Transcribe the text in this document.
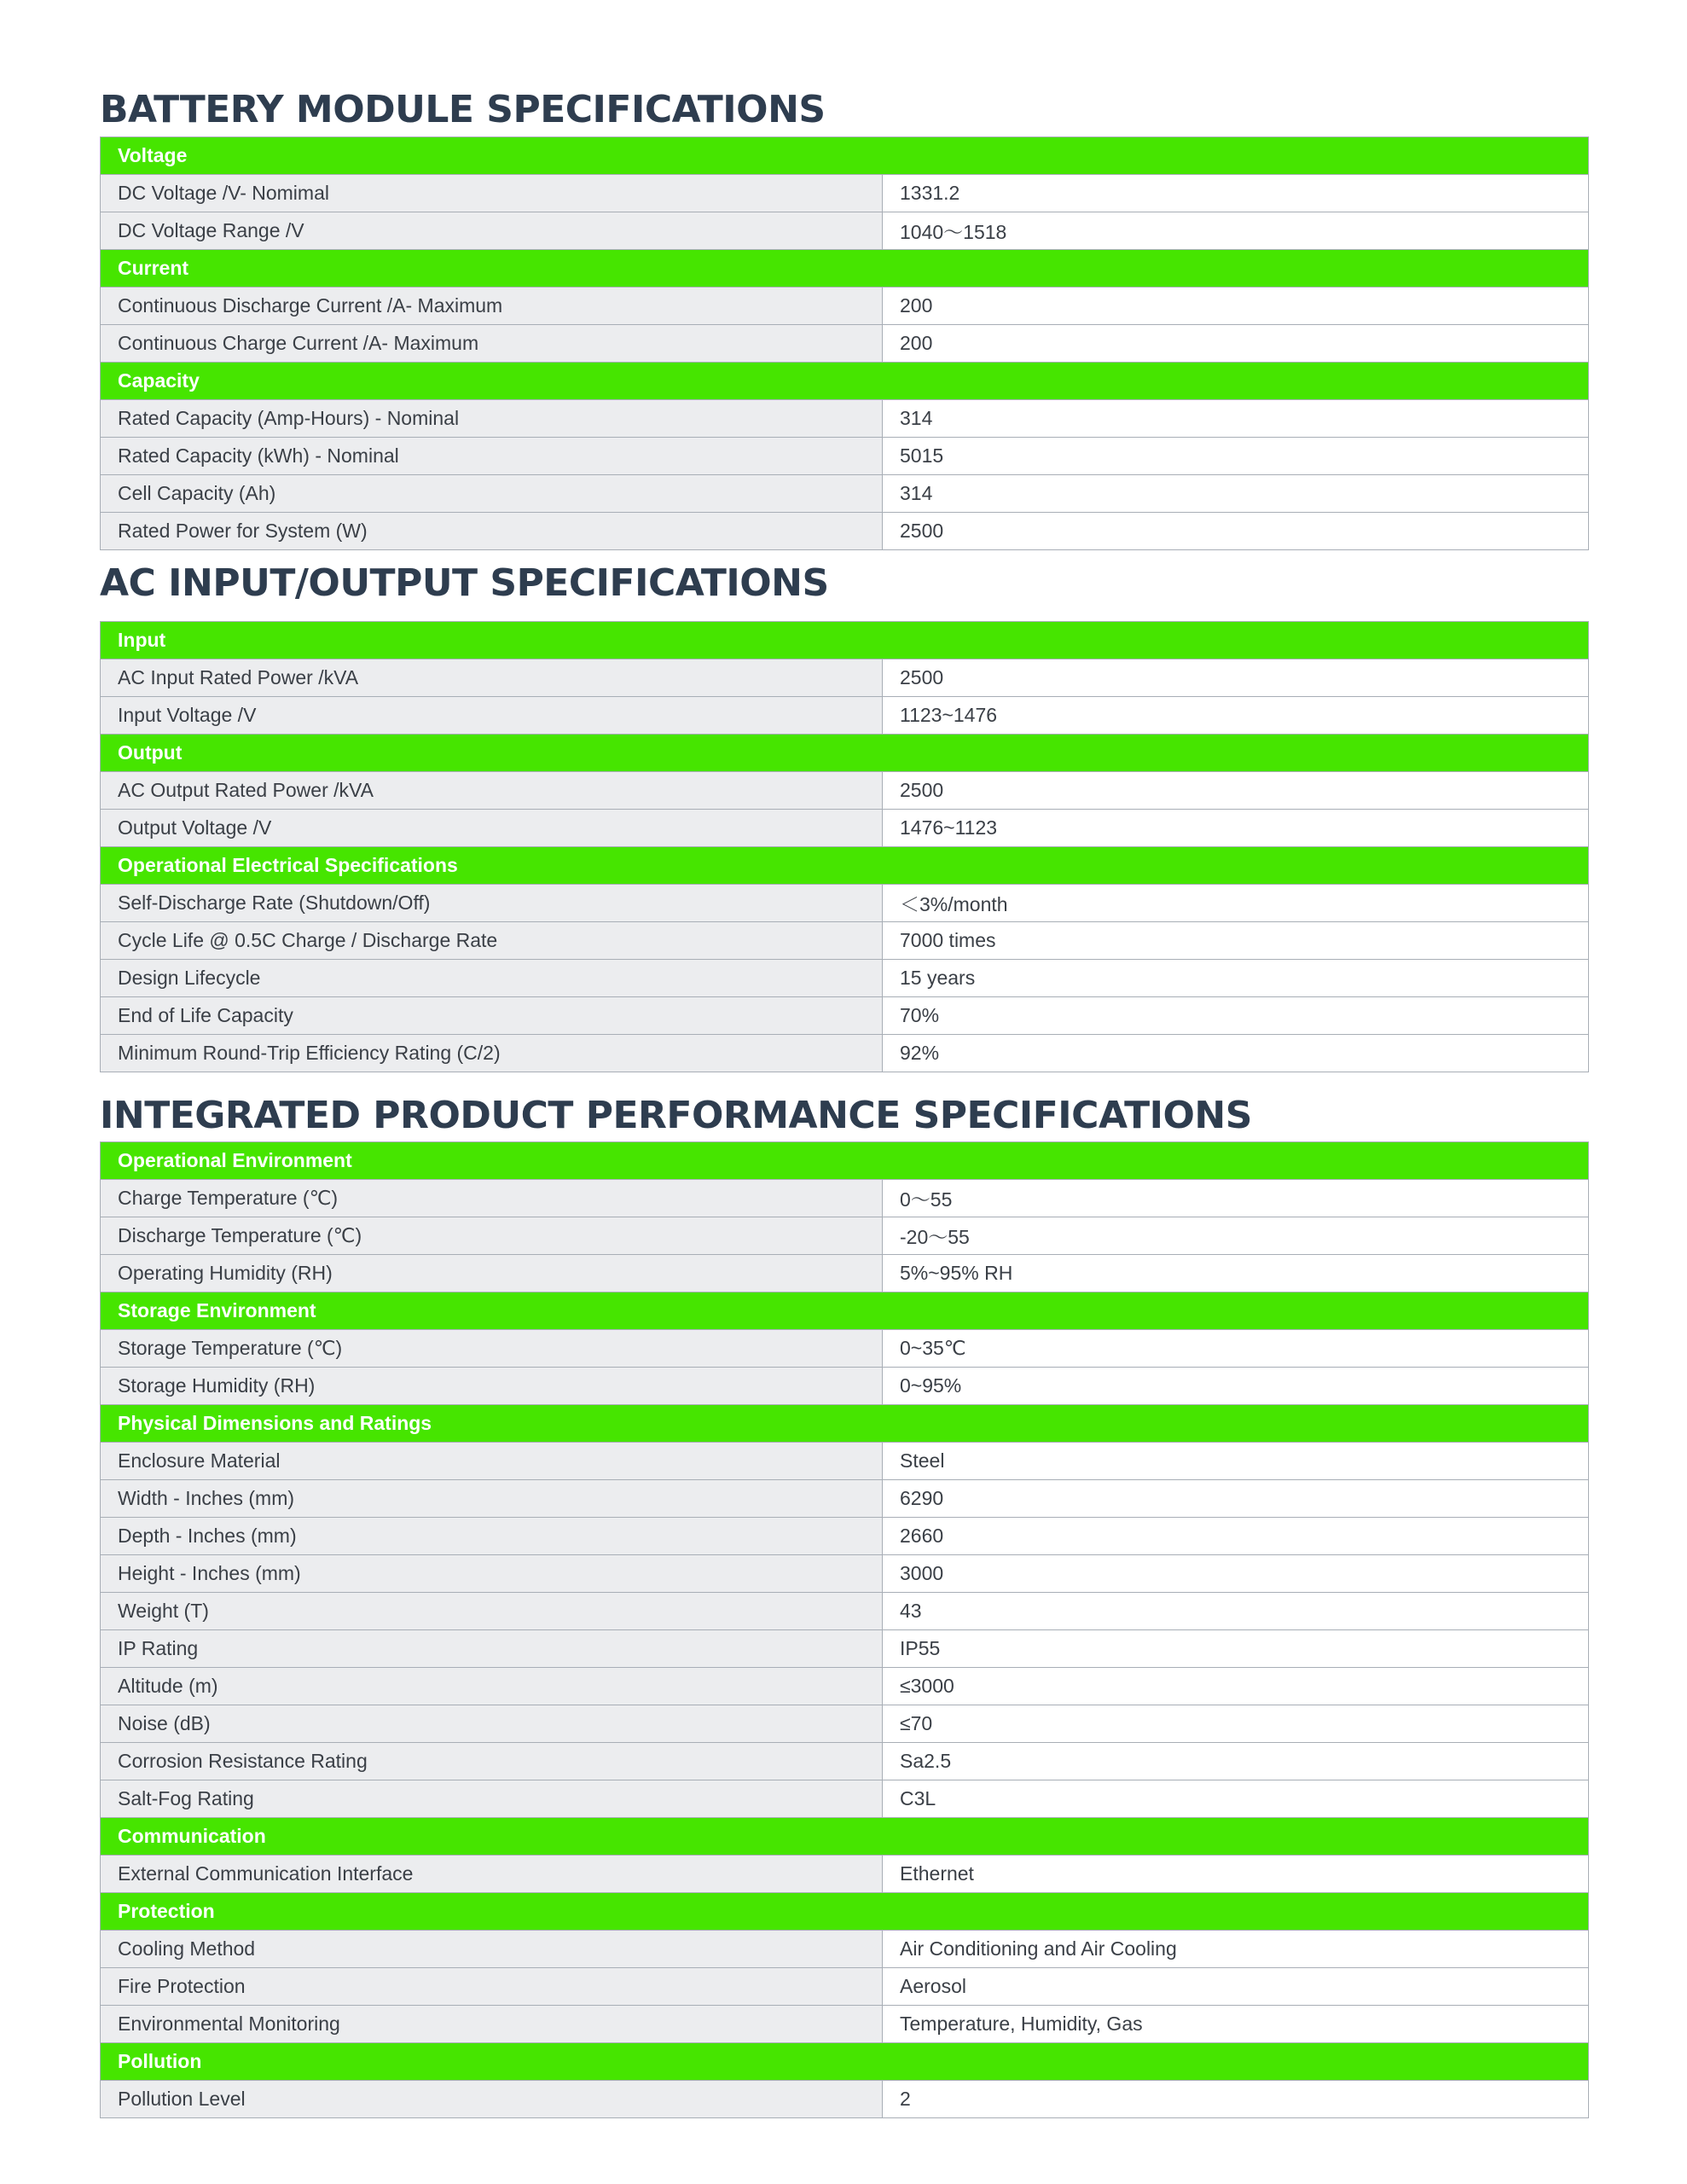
BATTERY MODULE SPECIFICATIONS
Voltage	
DC Voltage /V- Nomimal	1331.2
DC Voltage Range /V	1040～1518
Current	
Continuous Discharge Current /A- Maximum	200
Continuous Charge Current /A- Maximum	200
Capacity	
Rated Capacity (Amp-Hours) - Nominal	314
Rated Capacity (kWh) - Nominal	5015
Cell Capacity (Ah)	314
Rated Power for System (W)	2500
AC INPUT/OUTPUT SPECIFICATIONS
Input	
AC Input Rated Power /kVA	2500
Input Voltage /V	1123~1476
Output	
AC Output Rated Power /kVA	2500
Output Voltage /V	1476~1123
Operational Electrical Specifications	
Self-Discharge Rate (Shutdown/Off)	＜3%/month
Cycle Life @ 0.5C Charge / Discharge Rate	7000 times
Design Lifecycle	15 years
End of Life Capacity	70%
Minimum Round-Trip Efficiency Rating (C/2)	92%
INTEGRATED PRODUCT PERFORMANCE SPECIFICATIONS
Operational Environment	
Charge Temperature (℃)	0～55
Discharge Temperature (℃)	-20～55
Operating Humidity (RH)	5%~95% RH
Storage Environment	
Storage Temperature (℃)	0~35℃
Storage Humidity (RH)	0~95%
Physical Dimensions and Ratings	
Enclosure Material	Steel
Width - Inches (mm)	6290
Depth - Inches (mm)	2660
Height - Inches (mm)	3000
Weight (T)	43
IP Rating	IP55
Altitude (m)	≤3000
Noise (dB)	≤70
Corrosion Resistance Rating	Sa2.5
Salt-Fog Rating	C3L
Communication	
External Communication Interface	Ethernet
Protection	
Cooling Method	Air Conditioning and Air Cooling
Fire Protection	Aerosol
Environmental Monitoring	Temperature, Humidity, Gas
Pollution	
Pollution Level	2
